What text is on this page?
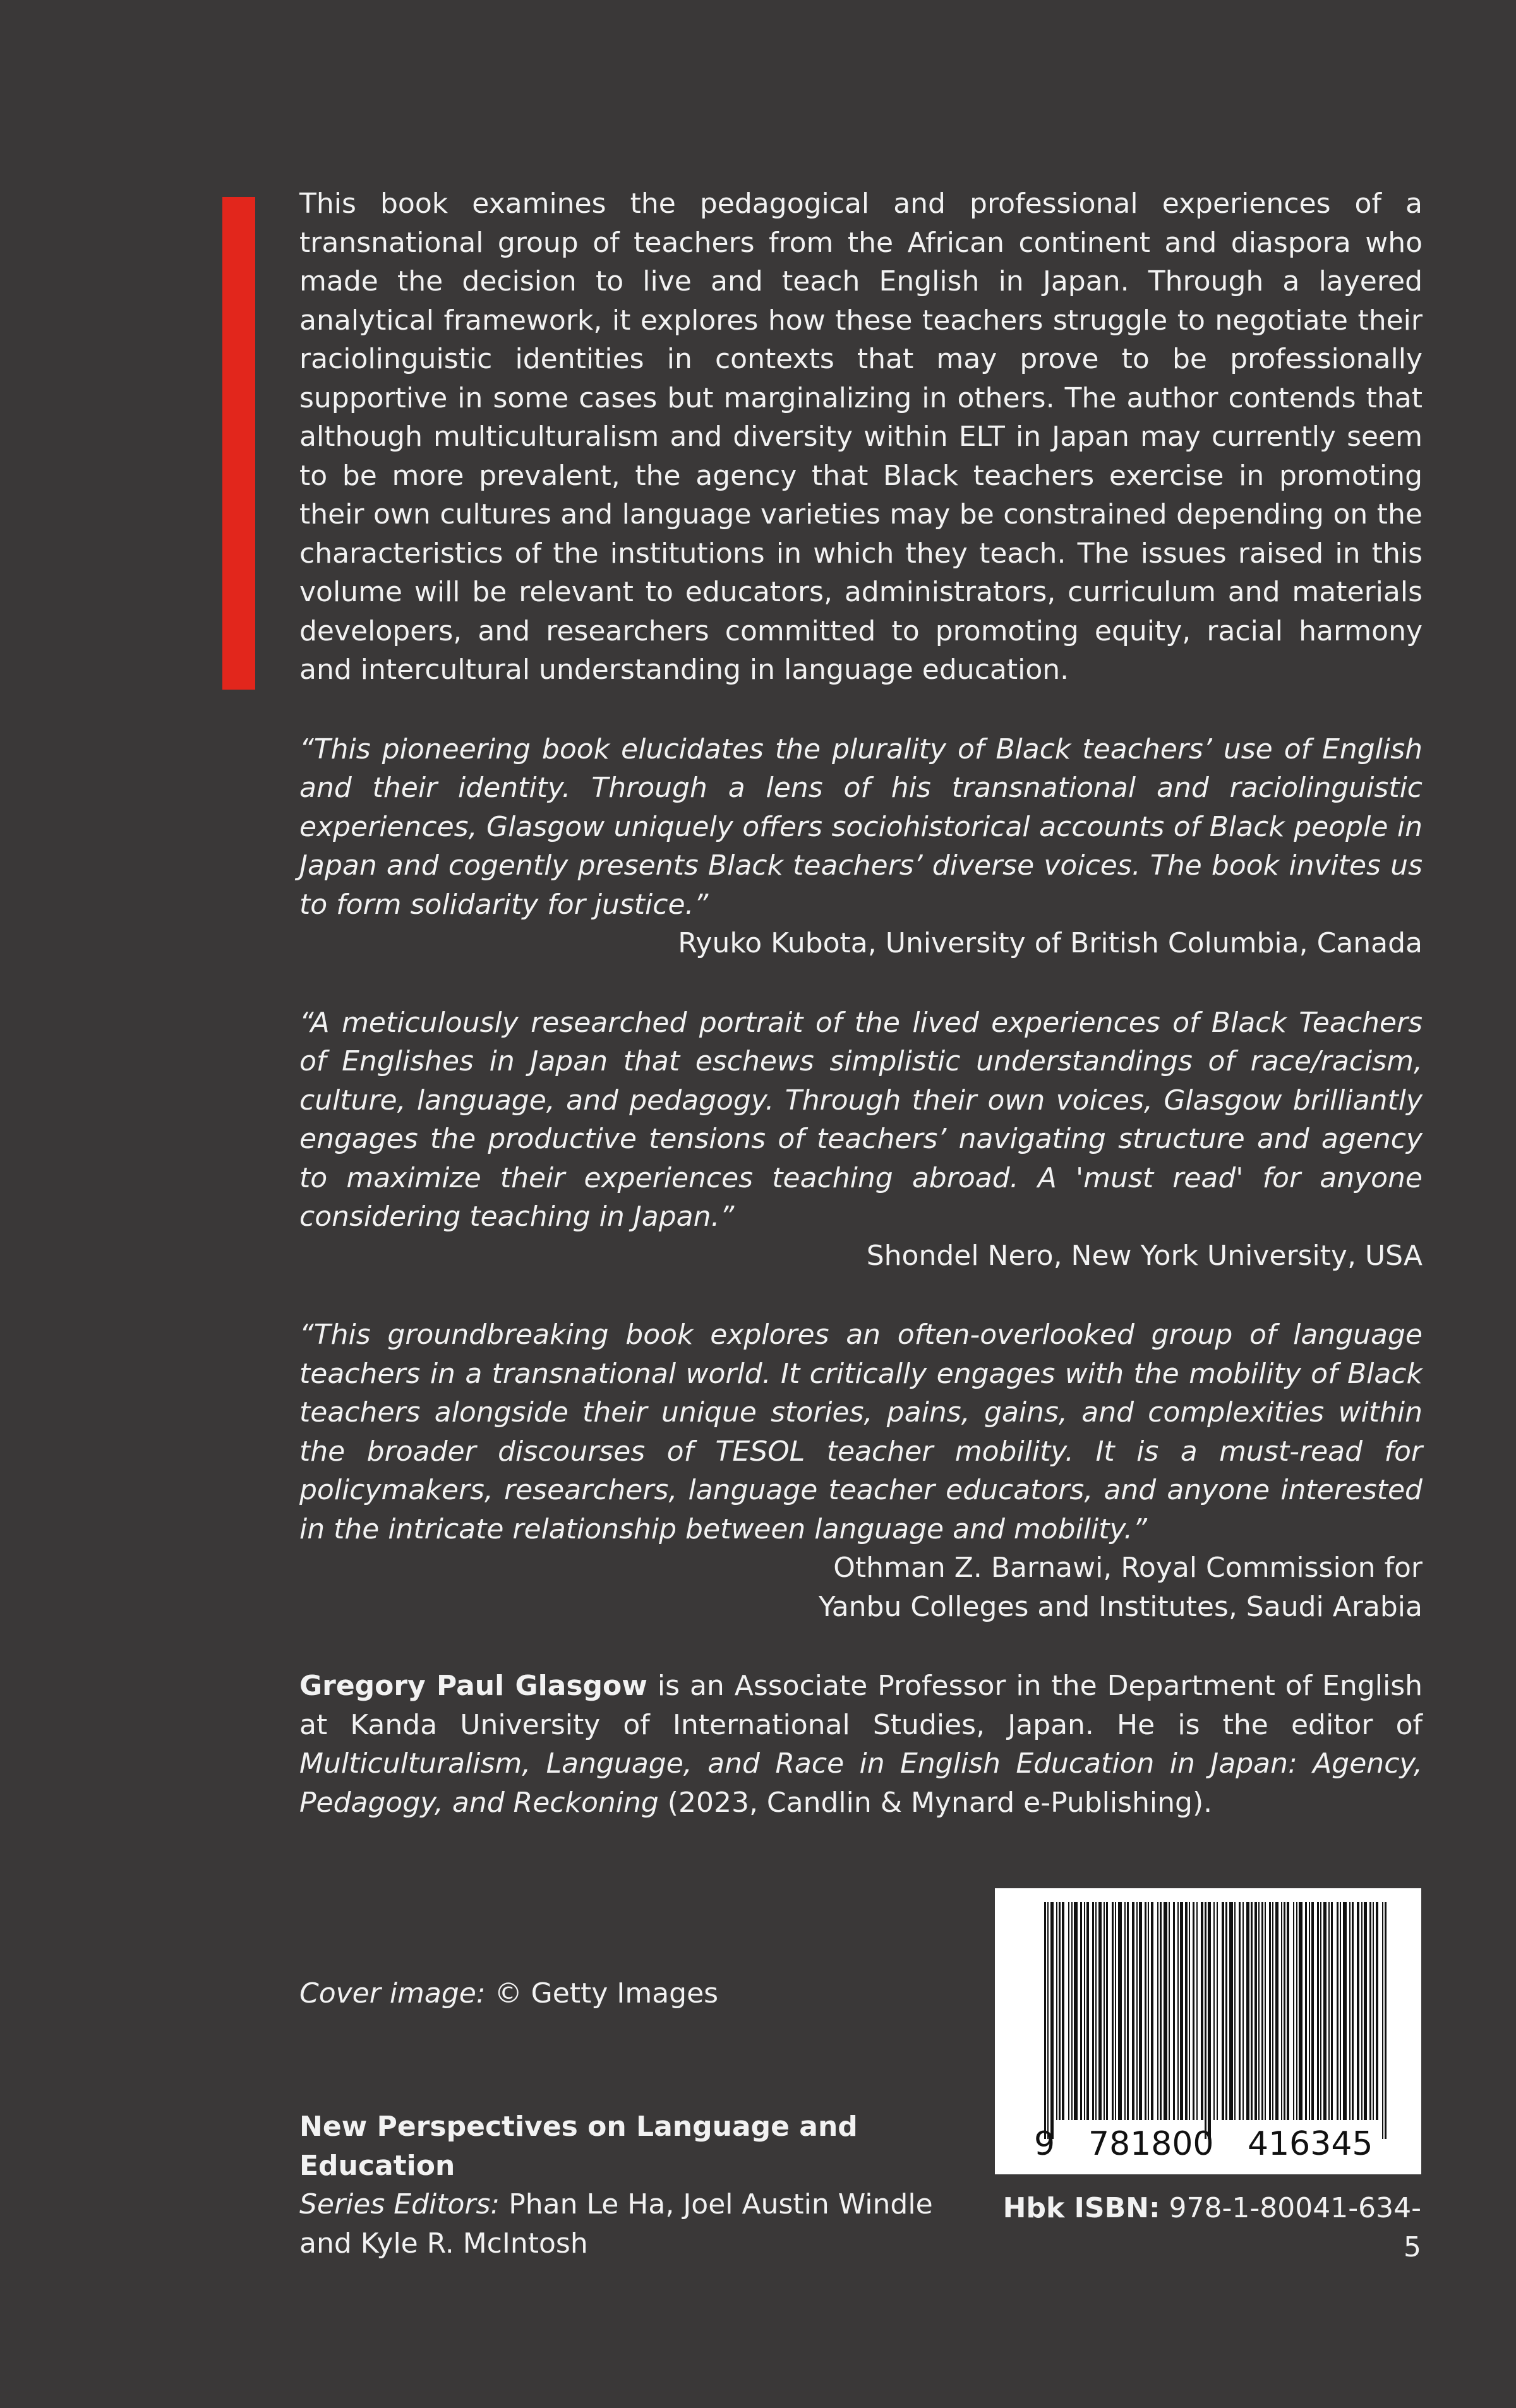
This book examines the pedagogical and professional experiences of a transnational group of teachers from the African continent and diaspora who made the decision to live and teach English in Japan. Through a layered analytical framework, it explores how these teachers struggle to negotiate their raciolinguistic identities in contexts that may prove to be professionally supportive in some cases but marginalizing in others. The author contends that although multiculturalism and diversity within ELT in Japan may currently seem to be more prevalent, the agency that Black teachers exercise in promoting their own cultures and language varieties may be constrained depending on the characteristics of the institutions in which they teach. The issues raised in this volume will be relevant to educators, administrators, curriculum and materials developers, and researchers committed to promoting equity, racial harmony and intercultural understanding in language education.

“This pioneering book elucidates the plurality of Black teachers’ use of English and their identity. Through a lens of his transnational and raciolinguistic experiences, Glasgow uniquely offers sociohistorical accounts of Black people in Japan and cogently presents Black teachers’ diverse voices. The book invites us to form solidarity for justice.”

Ryuko Kubota, University of British Columbia, Canada

“A meticulously researched portrait of the lived experiences of Black Teachers of Englishes in Japan that eschews simplistic understandings of race/racism, culture, language, and pedagogy. Through their own voices, Glasgow brilliantly engages the productive tensions of teachers’ navigating structure and agency to maximize their experiences teaching abroad. A 'must read' for anyone considering teaching in Japan.”

Shondel Nero, New York University, USA

“This groundbreaking book explores an often-overlooked group of language teachers in a transnational world. It critically engages with the mobility of Black teachers alongside their unique stories, pains, gains, and complexities within the broader discourses of TESOL teacher mobility. It is a must-read for policymakers, researchers, language teacher educators, and anyone interested in the intricate relationship between language and mobility.”

Othman Z. Barnawi, Royal Commission for

Yanbu Colleges and Institutes, Saudi Arabia

Gregory Paul Glasgow is an Associate Professor in the Department of English at Kanda University of International Studies, Japan. He is the editor of Multiculturalism, Language, and Race in English Education in Japan: Agency, Pedagogy, and Reckoning (2023, Candlin & Mynard e-Publishing).

Cover image: © Getty Images
New Perspectives on Language and Education
Series Editors: Phan Le Ha, Joel Austin Windle
and Kyle R. McIntosh
9 781800 416345
Hbk ISBN: 978-1-80041-634-5
